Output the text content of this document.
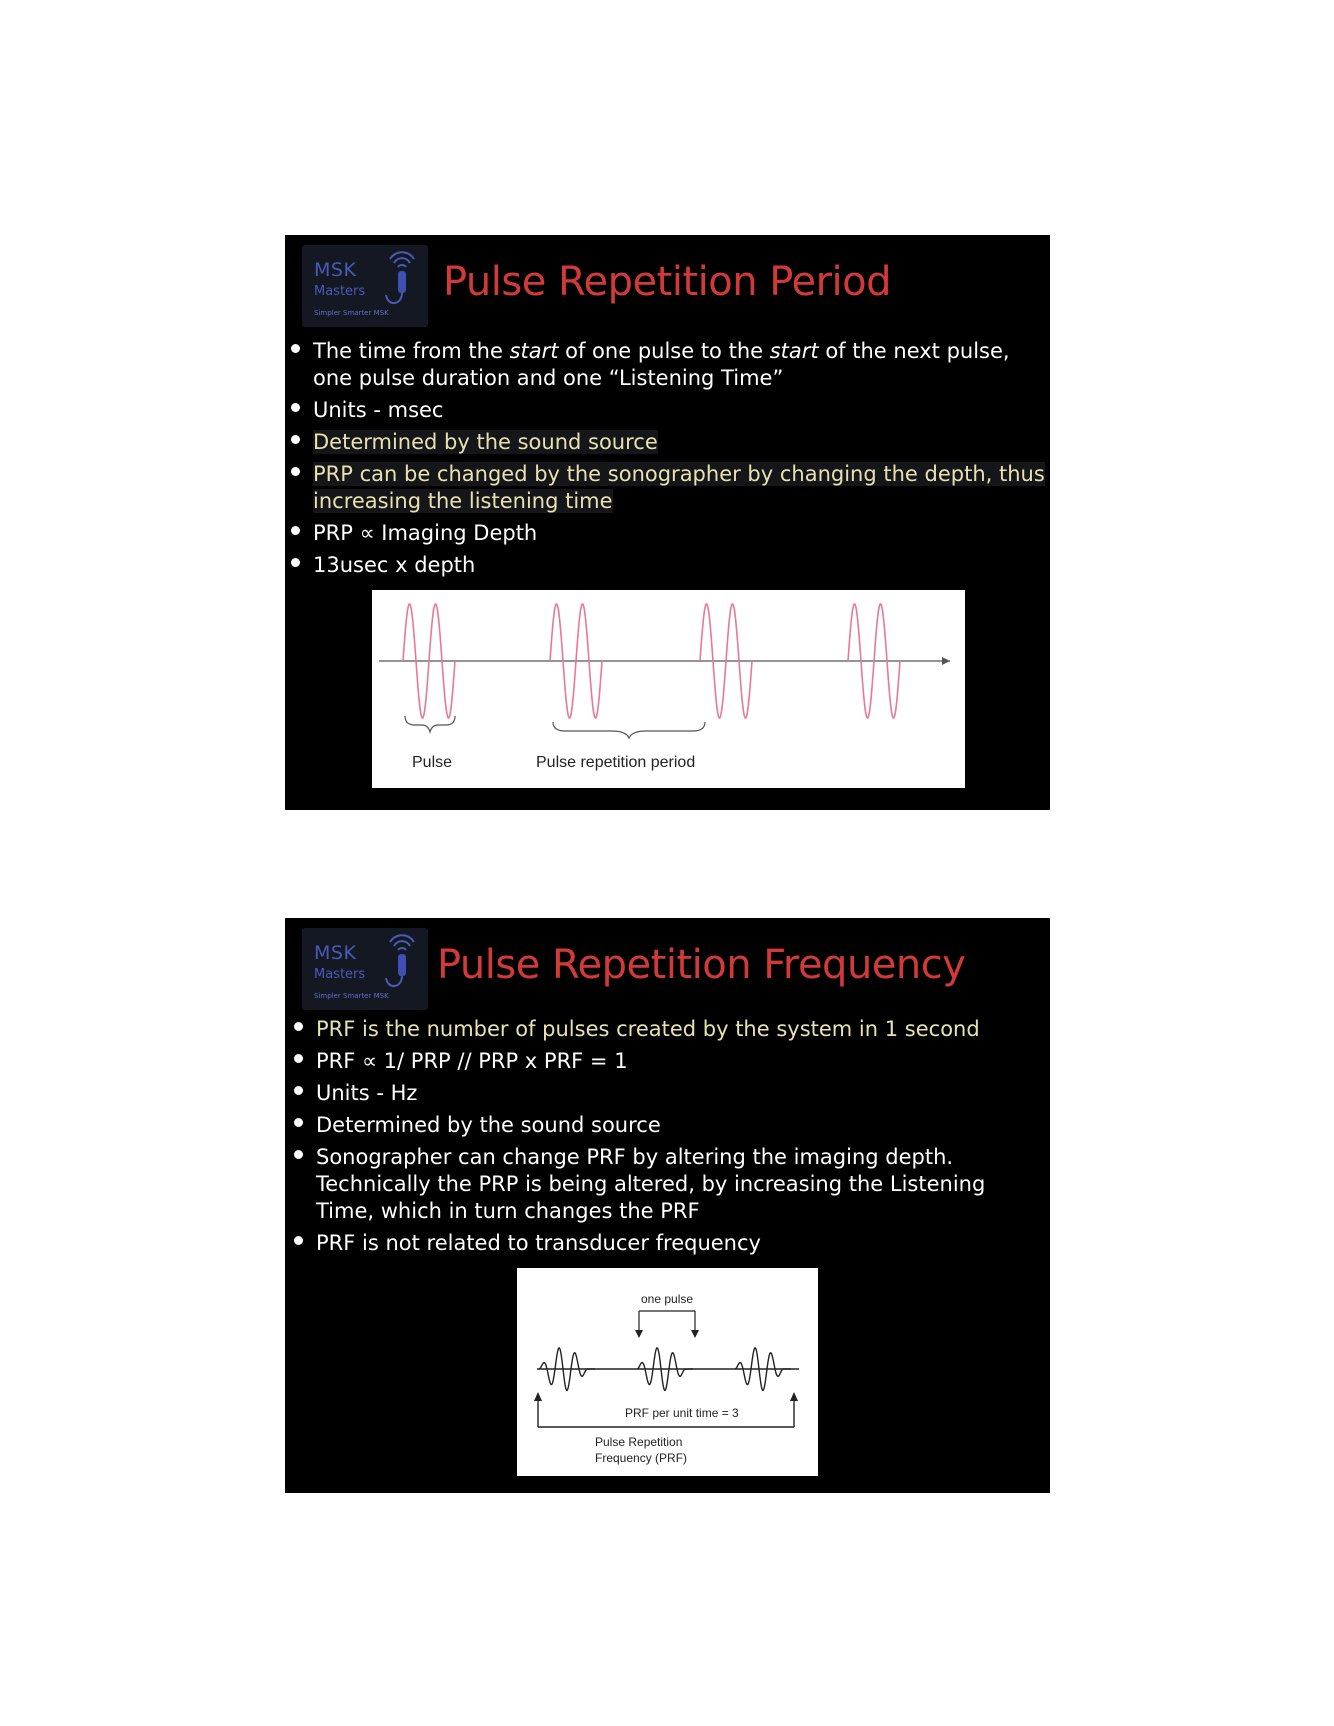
MSK
Masters
Simpler Smarter MSK
Pulse Repetition Period
The time from the start of one pulse to the start of the next pulse, one pulse duration and one “Listening Time”
Units - msec
Determined by the sound source
PRP can be changed by the sonographer by changing the depth, thus increasing the listening time
PRP ∝ Imaging Depth
13usec x depth
Pulse	Pulse repetition period
MSK
Masters
Simpler Smarter MSK
Pulse Repetition Frequency
PRF is the number of pulses created by the system in 1 second
PRF ∝ 1/ PRP // PRP x PRF = 1
Units - Hz
Determined by the sound source
Sonographer can change PRF by altering the imaging depth. Technically the PRP is being altered, by increasing the Listening Time, which in turn changes the PRF
PRF is not related to transducer frequency
one pulse
PRF per unit time = 3
Pulse Repetition
Frequency (PRF)
